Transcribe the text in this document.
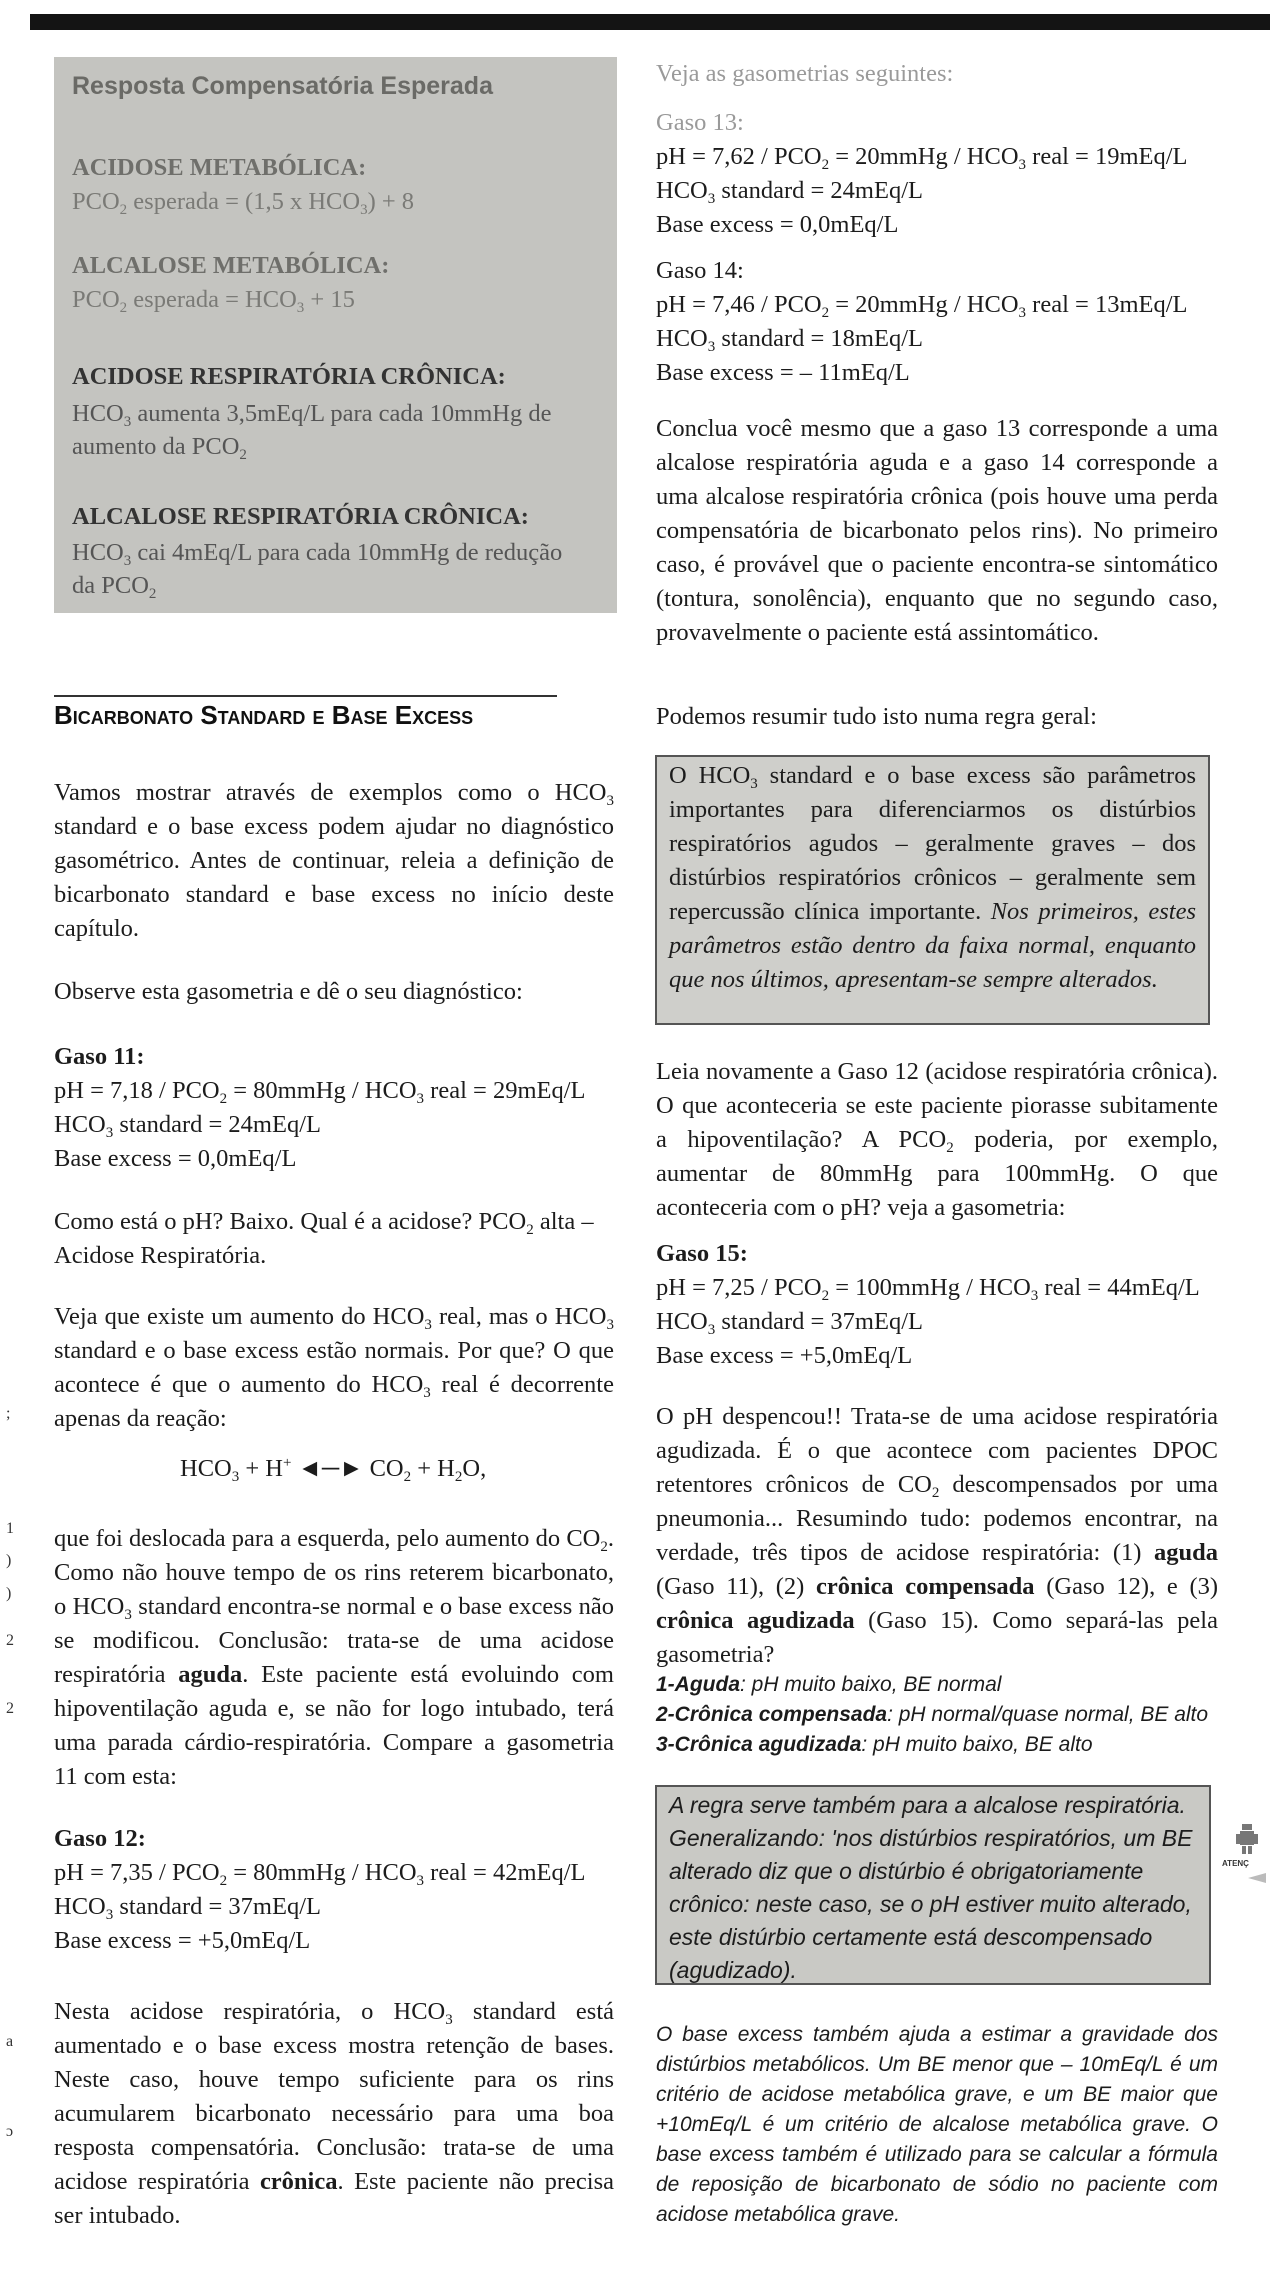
Resposta Compensatória Esperada
ACIDOSE METABÓLICA:
$PCO_2$ esperada = (1,5 x $HCO_3) + 8$
ALCALOSE METABÓLICA:
$PCO_2$ esperada = $HCO_3 + 15$
ACIDOSE RESPIRATÓRIA CRÔNICA:
$HCO_3$ aumenta 3,5mEq/L para cada 10mmHg de
aumento da $PCO_2$
ALCALOSE RESPIRATÓRIA CRÔNICA:
$HCO_3$ cai 4mEq/L para cada 10mmHg de redução
da $PCO_2$
Bicarbonato Standard e Base Excess

Vamos mostrar através de exemplos como o $HCO_3$ standard e o base excess podem ajudar no diagnóstico gasométrico. Antes de continuar, releia a definição de bicarbonato standard e base excess no início deste capítulo.

Observe esta gasometria e dê o seu diagnóstico:

Gaso 11:

pH = $7,18 / PCO_2$ = 80mmHg / $HCO_3$ real = 29mEq/L

$HCO_3$ standard = 24mEq/L

Base excess = 0,0mEq/L

Como está o pH? Baixo. Qual é a acidose? $PCO_2$ alta – Acidose Respiratória.

Veja que existe um aumento do $HCO_3$ real, mas o $HCO_3$ standard e o base excess estão normais. Por que? O que acontece é que o aumento do $HCO_3$ real é decorrente apenas da reação:

$HCO_3 + H^+$ ◄─► $CO_2 + H_2O$,

que foi deslocada para a esquerda, pelo aumento do $CO_2$. Como não houve tempo de os rins reterem bicarbonato, o $HCO_3$ standard encontra-se normal e o base excess não se modificou. Conclusão: trata-se de uma acidose respiratória aguda. Este paciente está evoluindo com hipoventilação aguda e, se não for logo intubado, terá uma parada cárdio-respiratória. Compare a gasometria 11 com esta:

Gaso 12:

pH = $7,35 / PCO_2$ = 80mmHg / $HCO_3$ real = 42mEq/L

$HCO_3$ standard = 37mEq/L

Base excess = +5,0mEq/L

Nesta acidose respiratória, o $HCO_3$ standard está aumentado e o base excess mostra retenção de bases. Neste caso, houve tempo suficiente para os rins acumularem bicarbonato necessário para uma boa resposta compensatória. Conclusão: trata-se de uma acidose respiratória crônica. Este paciente não precisa ser intubado.

;
1
)
)
2
2
a
ɔ

Veja as gasometrias seguintes:

Gaso 13:

pH = $7,62 / PCO_2$ = 20mmHg / $HCO_3$ real = 19mEq/L

$HCO_3$ standard = 24mEq/L

Base excess = 0,0mEq/L

Gaso 14:

pH = $7,46 / PCO_2$ = 20mmHg / $HCO_3$ real = 13mEq/L

$HCO_3$ standard = 18mEq/L

Base excess = – 11mEq/L

Conclua você mesmo que a gaso 13 corresponde a uma alcalose respiratória aguda e a gaso 14 corresponde a uma alcalose respiratória crônica (pois houve uma perda compensatória de bicarbonato pelos rins). No primeiro caso, é provável que o paciente encontra-se sintomático (tontura, sonolência), enquanto que no segundo caso, provavelmente o paciente está assintomático.

Podemos resumir tudo isto numa regra geral:

O $HCO_3$ standard e o base excess são parâmetros importantes para diferenciarmos os distúrbios respiratórios agudos – geralmente graves – dos distúrbios respiratórios crônicos – geralmente sem repercussão clínica importante. Nos primeiros, estes parâmetros estão dentro da faixa normal, enquanto que nos últimos, apresentam-se sempre alterados.

Leia novamente a Gaso 12 (acidose respiratória crônica). O que aconteceria se este paciente piorasse subitamente a hipoventilação? A $PCO_2$ poderia, por exemplo, aumentar de 80mmHg para 100mmHg. O que aconteceria com o pH? veja a gasometria:

Gaso 15:

pH = $7,25 / PCO_2$ = 100mmHg / $HCO_3$ real = 44mEq/L

$HCO_3$ standard = 37mEq/L

Base excess = +5,0mEq/L

O pH despencou!! Trata-se de uma acidose respiratória agudizada. É o que acontece com pacientes DPOC retentores crônicos de $CO_2$ descompensados por uma pneumonia... Resumindo tudo: podemos encontrar, na verdade, três tipos de acidose respiratória: (1) aguda (Gaso 11), (2) crônica compensada (Gaso 12), e (3) crônica agudizada (Gaso 15). Como separá-las pela gasometria?

1-Aguda: pH muito baixo, BE normal

2-Crônica compensada: pH normal/quase normal, BE alto

3-Crônica agudizada: pH muito baixo, BE alto

A regra serve também para a alcalose respiratória. Generalizando: 'nos distúrbios respiratórios, um BE alterado diz que o distúrbio é obrigatoriamente crônico: neste caso, se o pH estiver muito alterado, este distúrbio certamente está descompensado (agudizado).

ATENÇ

O base excess também ajuda a estimar a gravidade dos distúrbios metabólicos. Um BE menor que – 10mEq/L é um critério de acidose metabólica grave, e um BE maior que +10mEq/L é um critério de alcalose metabólica grave. O base excess também é utilizado para se calcular a fórmula de reposição de bicarbonato de sódio no paciente com acidose metabólica grave.
